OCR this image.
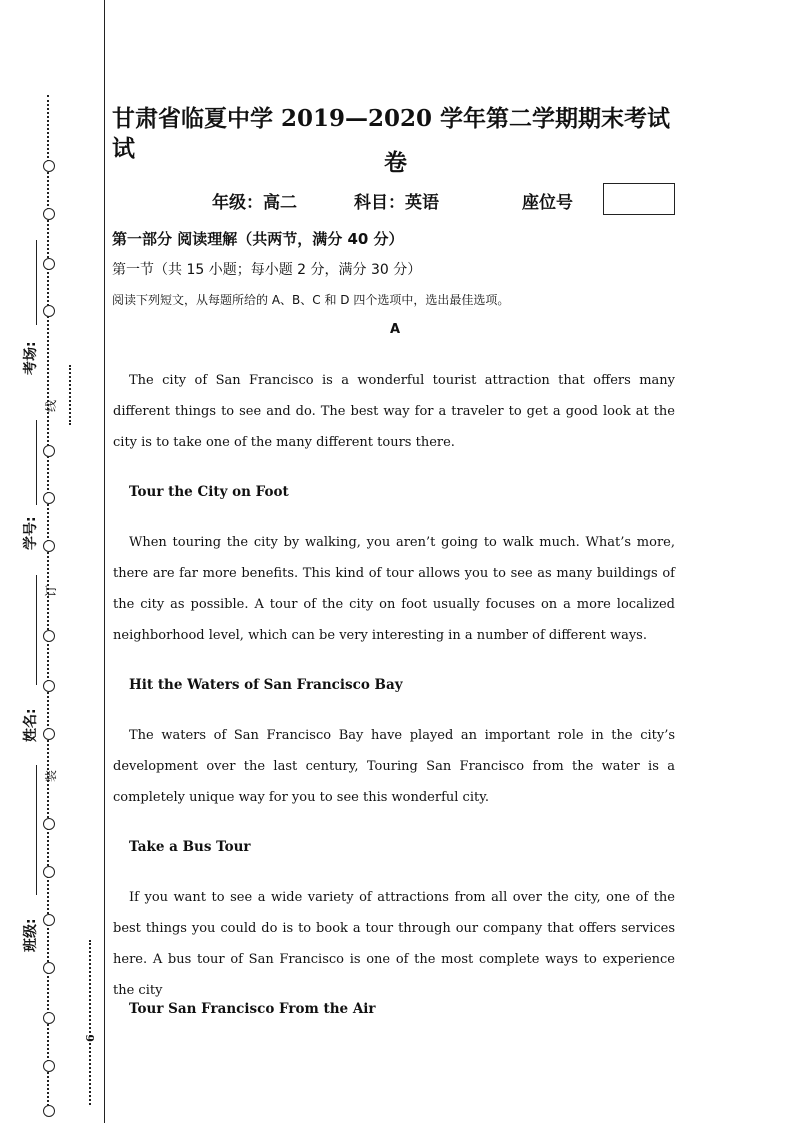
考场:
学号:
姓名:
班级:
线
订
装
6
甘肃省临夏中学 2019—2020 学年第二学期期末考试试
卷
年级：高二	科目：英语	座位号
第一部分 阅读理解（共两节，满分 40 分）
第一节（共 15 小题；每小题 2 分，满分 30 分）
阅读下列短文，从每题所给的 A、B、C 和 D 四个选项中，选出最佳选项。
A
The city of San Francisco is a wonderful tourist attraction that offers many different things to see and do. The best way for a traveler to get a good look at the city is to take one of the many different tours there.
Tour the City on Foot
When touring the city by walking, you aren’t going to walk much. What’s more, there are far more benefits. This kind of tour allows you to see as many buildings of the city as possible. A tour of the city on foot usually focuses on a more localized neighborhood level, which can be very interesting in a number of different ways.
Hit the Waters of San Francisco Bay
The waters of San Francisco Bay have played an important role in the city’s development over the last century, Touring San Francisco from the water is a completely unique way for you to see this wonderful city.
Take a Bus Tour
If you want to see a wide variety of attractions from all over the city, one of the best things you could do is to book a tour through our company that offers services here. A bus tour of San Francisco is one of the most complete ways to experience the city
Tour San Francisco From the Air
